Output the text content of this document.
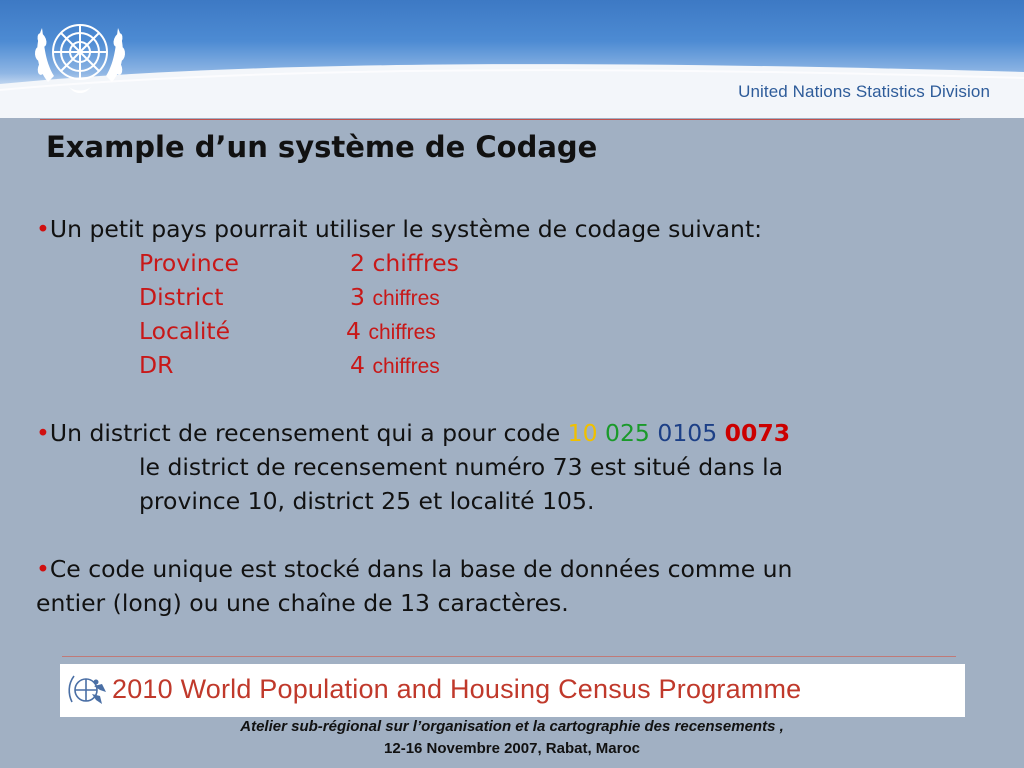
United Nations Statistics Division
Example d’un système de Codage
•Un petit pays pourrait utiliser le système de codage suivant:
Province	2 chiffres
District	3 chiffres
Localité	4 chiffres
DR	4 chiffres
•Un district de recensement qui a pour code 10 025 0105 0073
le district de recensement numéro 73 est situé dans la
province 10, district 25 et localité 105.
•Ce code unique est stocké dans la base de données comme un
entier (long) ou une chaîne de 13 caractères.
2010 World Population and Housing Census Programme
Atelier sub-régional sur l’organisation et la cartographie des recensements ,
12-16 Novembre 2007, Rabat, Maroc
